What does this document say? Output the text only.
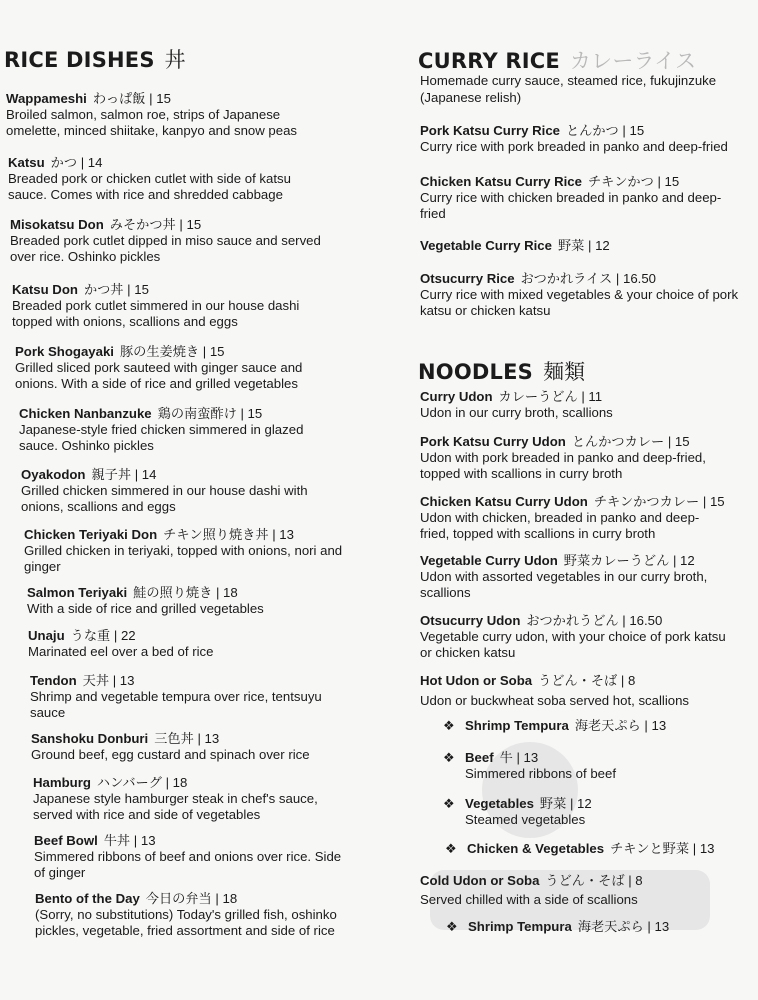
RICE DISHES 丼
Wappameshi わっぱ飯 | 15
Broiled salmon, salmon roe, strips of Japanese omelette, minced shiitake, kanpyo and snow peas
Katsu かつ | 14
Breaded pork or chicken cutlet with side of katsu sauce. Comes with rice and shredded cabbage
Misokatsu Don みそかつ丼 | 15
Breaded pork cutlet dipped in miso sauce and served over rice. Oshinko pickles
Katsu Don かつ丼 | 15
Breaded pork cutlet simmered in our house dashi topped with onions, scallions and eggs
Pork Shogayaki 豚の生姜焼き | 15
Grilled sliced pork sauteed with ginger sauce and onions. With a side of rice and grilled vegetables
Chicken Nanbanzuke 鶏の南蛮酢け | 15
Japanese-style fried chicken simmered in glazed sauce. Oshinko pickles
Oyakodon 親子丼 | 14
Grilled chicken simmered in our house dashi with onions, scallions and eggs
Chicken Teriyaki Don チキン照り焼き丼 | 13
Grilled chicken in teriyaki, topped with onions, nori and ginger
Salmon Teriyaki 鮭の照り焼き | 18
With a side of rice and grilled vegetables
Unaju うな重 | 22
Marinated eel over a bed of rice
Tendon 天丼 | 13
Shrimp and vegetable tempura over rice, tentsuyu sauce
Sanshoku Donburi 三色丼 | 13
Ground beef, egg custard and spinach over rice
Hamburg ハンバーグ | 18
Japanese style hamburger steak in chef's sauce, served with rice and side of vegetables
Beef Bowl 牛丼 | 13
Simmered ribbons of beef and onions over rice. Side of ginger
Bento of the Day 今日の弁当 | 18
(Sorry, no substitutions) Today's grilled fish, oshinko pickles, vegetable, fried assortment and side of rice
CURRY RICE カレーライス
Homemade curry sauce, steamed rice, fukujinzuke (Japanese relish)
Pork Katsu Curry Rice とんかつ | 15
Curry rice with pork breaded in panko and deep-fried
Chicken Katsu Curry Rice チキンかつ | 15
Curry rice with chicken breaded in panko and deep-fried
Vegetable Curry Rice 野菜 | 12
Otsucurry Rice おつかれライス | 16.50
Curry rice with mixed vegetables & your choice of pork katsu or chicken katsu
NOODLES 麺類
Curry Udon カレーうどん | 11
Udon in our curry broth, scallions
Pork Katsu Curry Udon とんかつカレー | 15
Udon with pork breaded in panko and deep-fried, topped with scallions in curry broth
Chicken Katsu Curry Udon チキンかつカレー | 15
Udon with chicken, breaded in panko and deep-fried, topped with scallions in curry broth
Vegetable Curry Udon 野菜カレーうどん | 12
Udon with assorted vegetables in our curry broth, scallions
Otsucurry Udon おつかれうどん | 16.50
Vegetable curry udon, with your choice of pork katsu or chicken katsu
Hot Udon or Soba うどん・そば | 8
Udon or buckwheat soba served hot, scallions
❖ Shrimp Tempura 海老天ぷら | 13
❖ Beef 牛 | 13
Simmered ribbons of beef
❖ Vegetables 野菜 | 12
Steamed vegetables
❖ Chicken & Vegetables チキンと野菜 | 13
Cold Udon or Soba うどん・そば | 8
Served chilled with a side of scallions
❖ Shrimp Tempura 海老天ぷら | 13
